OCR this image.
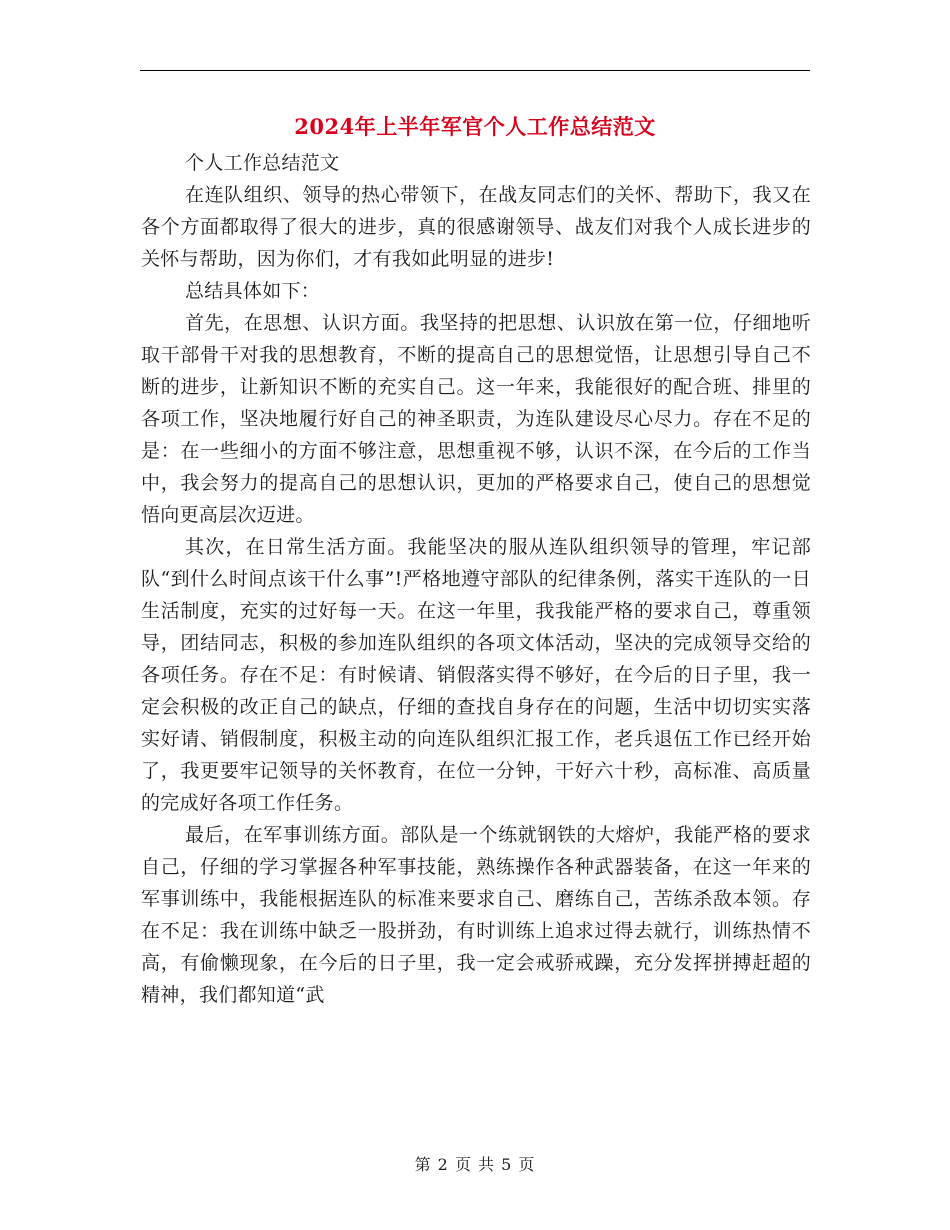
2024年上半年军官个人工作总结范文

个人工作总结范文

在连队组织、领导的热心带领下，在战友同志们的关怀、帮助下，我又在各个方面都取得了很大的进步，真的很感谢领导、战友们对我个人成长进步的关怀与帮助，因为你们，才有我如此明显的进步!

总结具体如下：

首先，在思想、认识方面。我坚持的把思想、认识放在第一位，仔细地听取干部骨干对我的思想教育，不断的提高自己的思想觉悟，让思想引导自己不断的进步，让新知识不断的充实自己。这一年来，我能很好的配合班、排里的各项工作，坚决地履行好自己的神圣职责，为连队建设尽心尽力。存在不足的是：在一些细小的方面不够注意，思想重视不够，认识不深，在今后的工作当中，我会努力的提高自己的思想认识，更加的严格要求自己，使自己的思想觉悟向更高层次迈进。

其次，在日常生活方面。我能坚决的服从连队组织领导的管理，牢记部队“到什么时间点该干什么事”!严格地遵守部队的纪律条例，落实干连队的一日生活制度，充实的过好每一天。在这一年里，我我能严格的要求自己，尊重领导，团结同志，积极的参加连队组织的各项文体活动，坚决的完成领导交给的各项任务。存在不足：有时候请、销假落实得不够好，在今后的日子里，我一定会积极的改正自己的缺点，仔细的查找自身存在的问题，生活中切切实实落实好请、销假制度，积极主动的向连队组织汇报工作，老兵退伍工作已经开始了，我更要牢记领导的关怀教育，在位一分钟，干好六十秒，高标准、高质量的完成好各项工作任务。

最后，在军事训练方面。部队是一个练就钢铁的大熔炉，我能严格的要求自己，仔细的学习掌握各种军事技能，熟练操作各种武器装备，在这一年来的军事训练中，我能根据连队的标准来要求自己、磨练自己，苦练杀敌本领。存在不足：我在训练中缺乏一股拼劲，有时训练上追求过得去就行，训练热情不高，有偷懒现象，在今后的日子里，我一定会戒骄戒躁，充分发挥拼搏赶超的精神，我们都知道“武

第 2 页 共 5 页
